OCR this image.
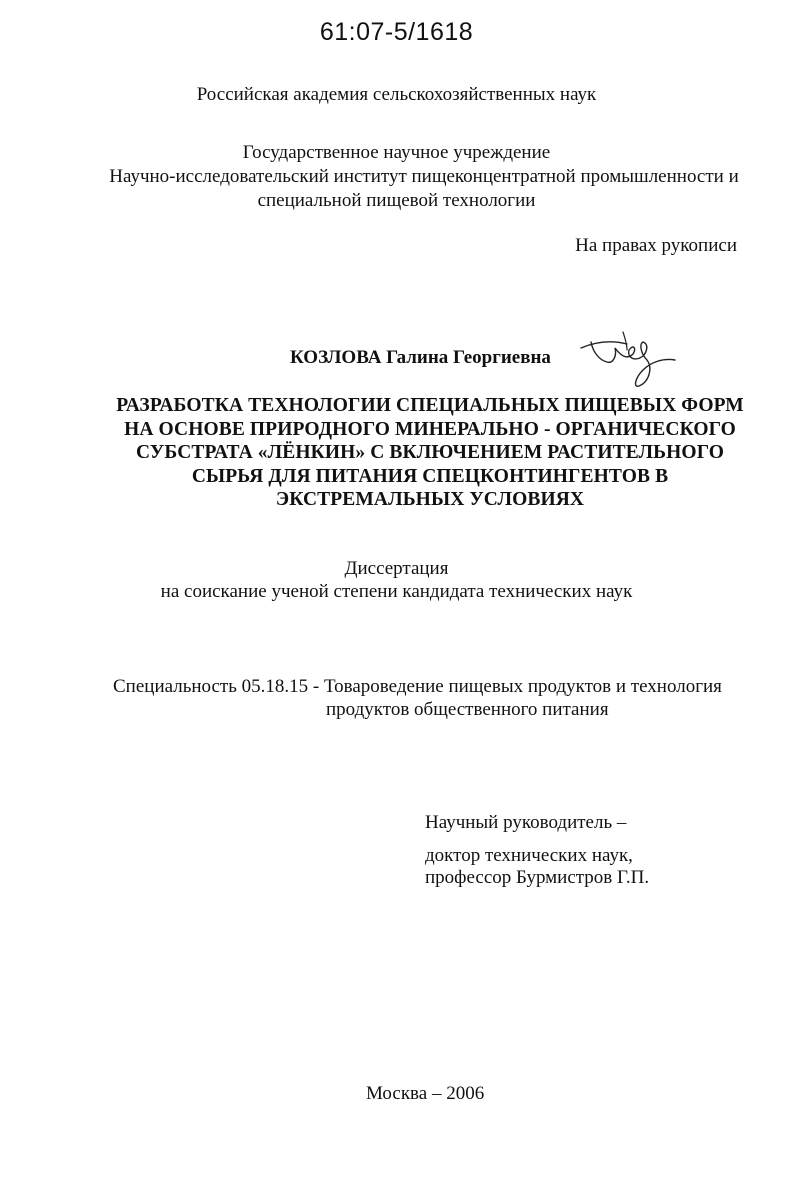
61:07-5/1618
Российская академия сельскохозяйственных наук
Государственное научное учреждение
Научно-исследовательский институт пищеконцентратной промышленности и
специальной пищевой технологии
На правах рукописи
КОЗЛОВА Галина Георгиевна
РАЗРАБОТКА ТЕХНОЛОГИИ СПЕЦИАЛЬНЫХ ПИЩЕВЫХ ФОРМ
НА ОСНОВЕ ПРИРОДНОГО МИНЕРАЛЬНО - ОРГАНИЧЕСКОГО
СУБСТРАТА «ЛЁНКИН» С ВКЛЮЧЕНИЕМ РАСТИТЕЛЬНОГО
СЫРЬЯ ДЛЯ ПИТАНИЯ СПЕЦКОНТИНГЕНТОВ В
ЭКСТРЕМАЛЬНЫХ УСЛОВИЯХ
Диссертация
на соискание ученой степени кандидата технических наук
Специальность 05.18.15 - Товароведение пищевых продуктов и технология
продуктов общественного питания
Научный руководитель –
доктор технических наук,
профессор Бурмистров Г.П.
Москва – 2006
